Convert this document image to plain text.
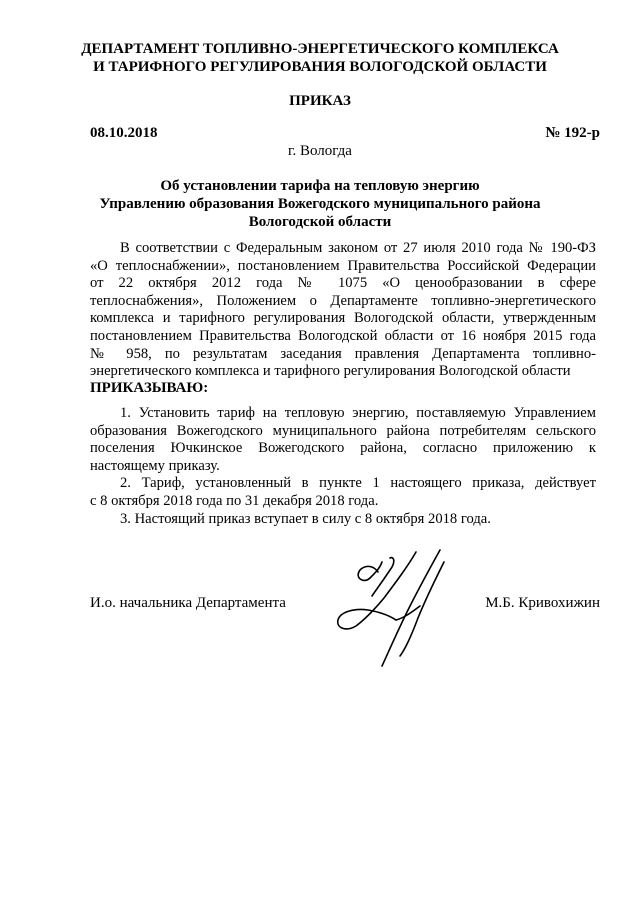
ДЕПАРТАМЕНТ ТОПЛИВНО-ЭНЕРГЕТИЧЕСКОГО КОМПЛЕКСА
И ТАРИФНОГО РЕГУЛИРОВАНИЯ ВОЛОГОДСКОЙ ОБЛАСТИ
ПРИКАЗ
08.10.2018	№ 192-р
г. Вологда
Об установлении тарифа на тепловую энергию
Управлению образования Вожегодского муниципального района
Вологодской области
В соответствии с Федеральным законом от 27 июля 2010 года № 190-ФЗ
«О теплоснабжении», постановлением Правительства Российской Федерации
от 22 октября 2012 года № 1075 «О ценообразовании в сфере
теплоснабжения», Положением о Департаменте топливно-энергетического
комплекса и тарифного регулирования Вологодской области, утвержденным
постановлением Правительства Вологодской области от 16 ноября 2015 года
№ 958, по результатам заседания правления Департамента топливно-
энергетического комплекса и тарифного регулирования Вологодской области
ПРИКАЗЫВАЮ:
1. Установить тариф на тепловую энергию, поставляемую Управлением
образования Вожегодского муниципального района потребителям сельского
поселения Ючкинское Вожегодского района, согласно приложению к
настоящему приказу.
2. Тариф, установленный в пункте 1 настоящего приказа, действует
с 8 октября 2018 года по 31 декабря 2018 года.
3. Настоящий приказ вступает в силу с 8 октября 2018 года.
И.о. начальника Департамента	М.Б. Кривохижин
